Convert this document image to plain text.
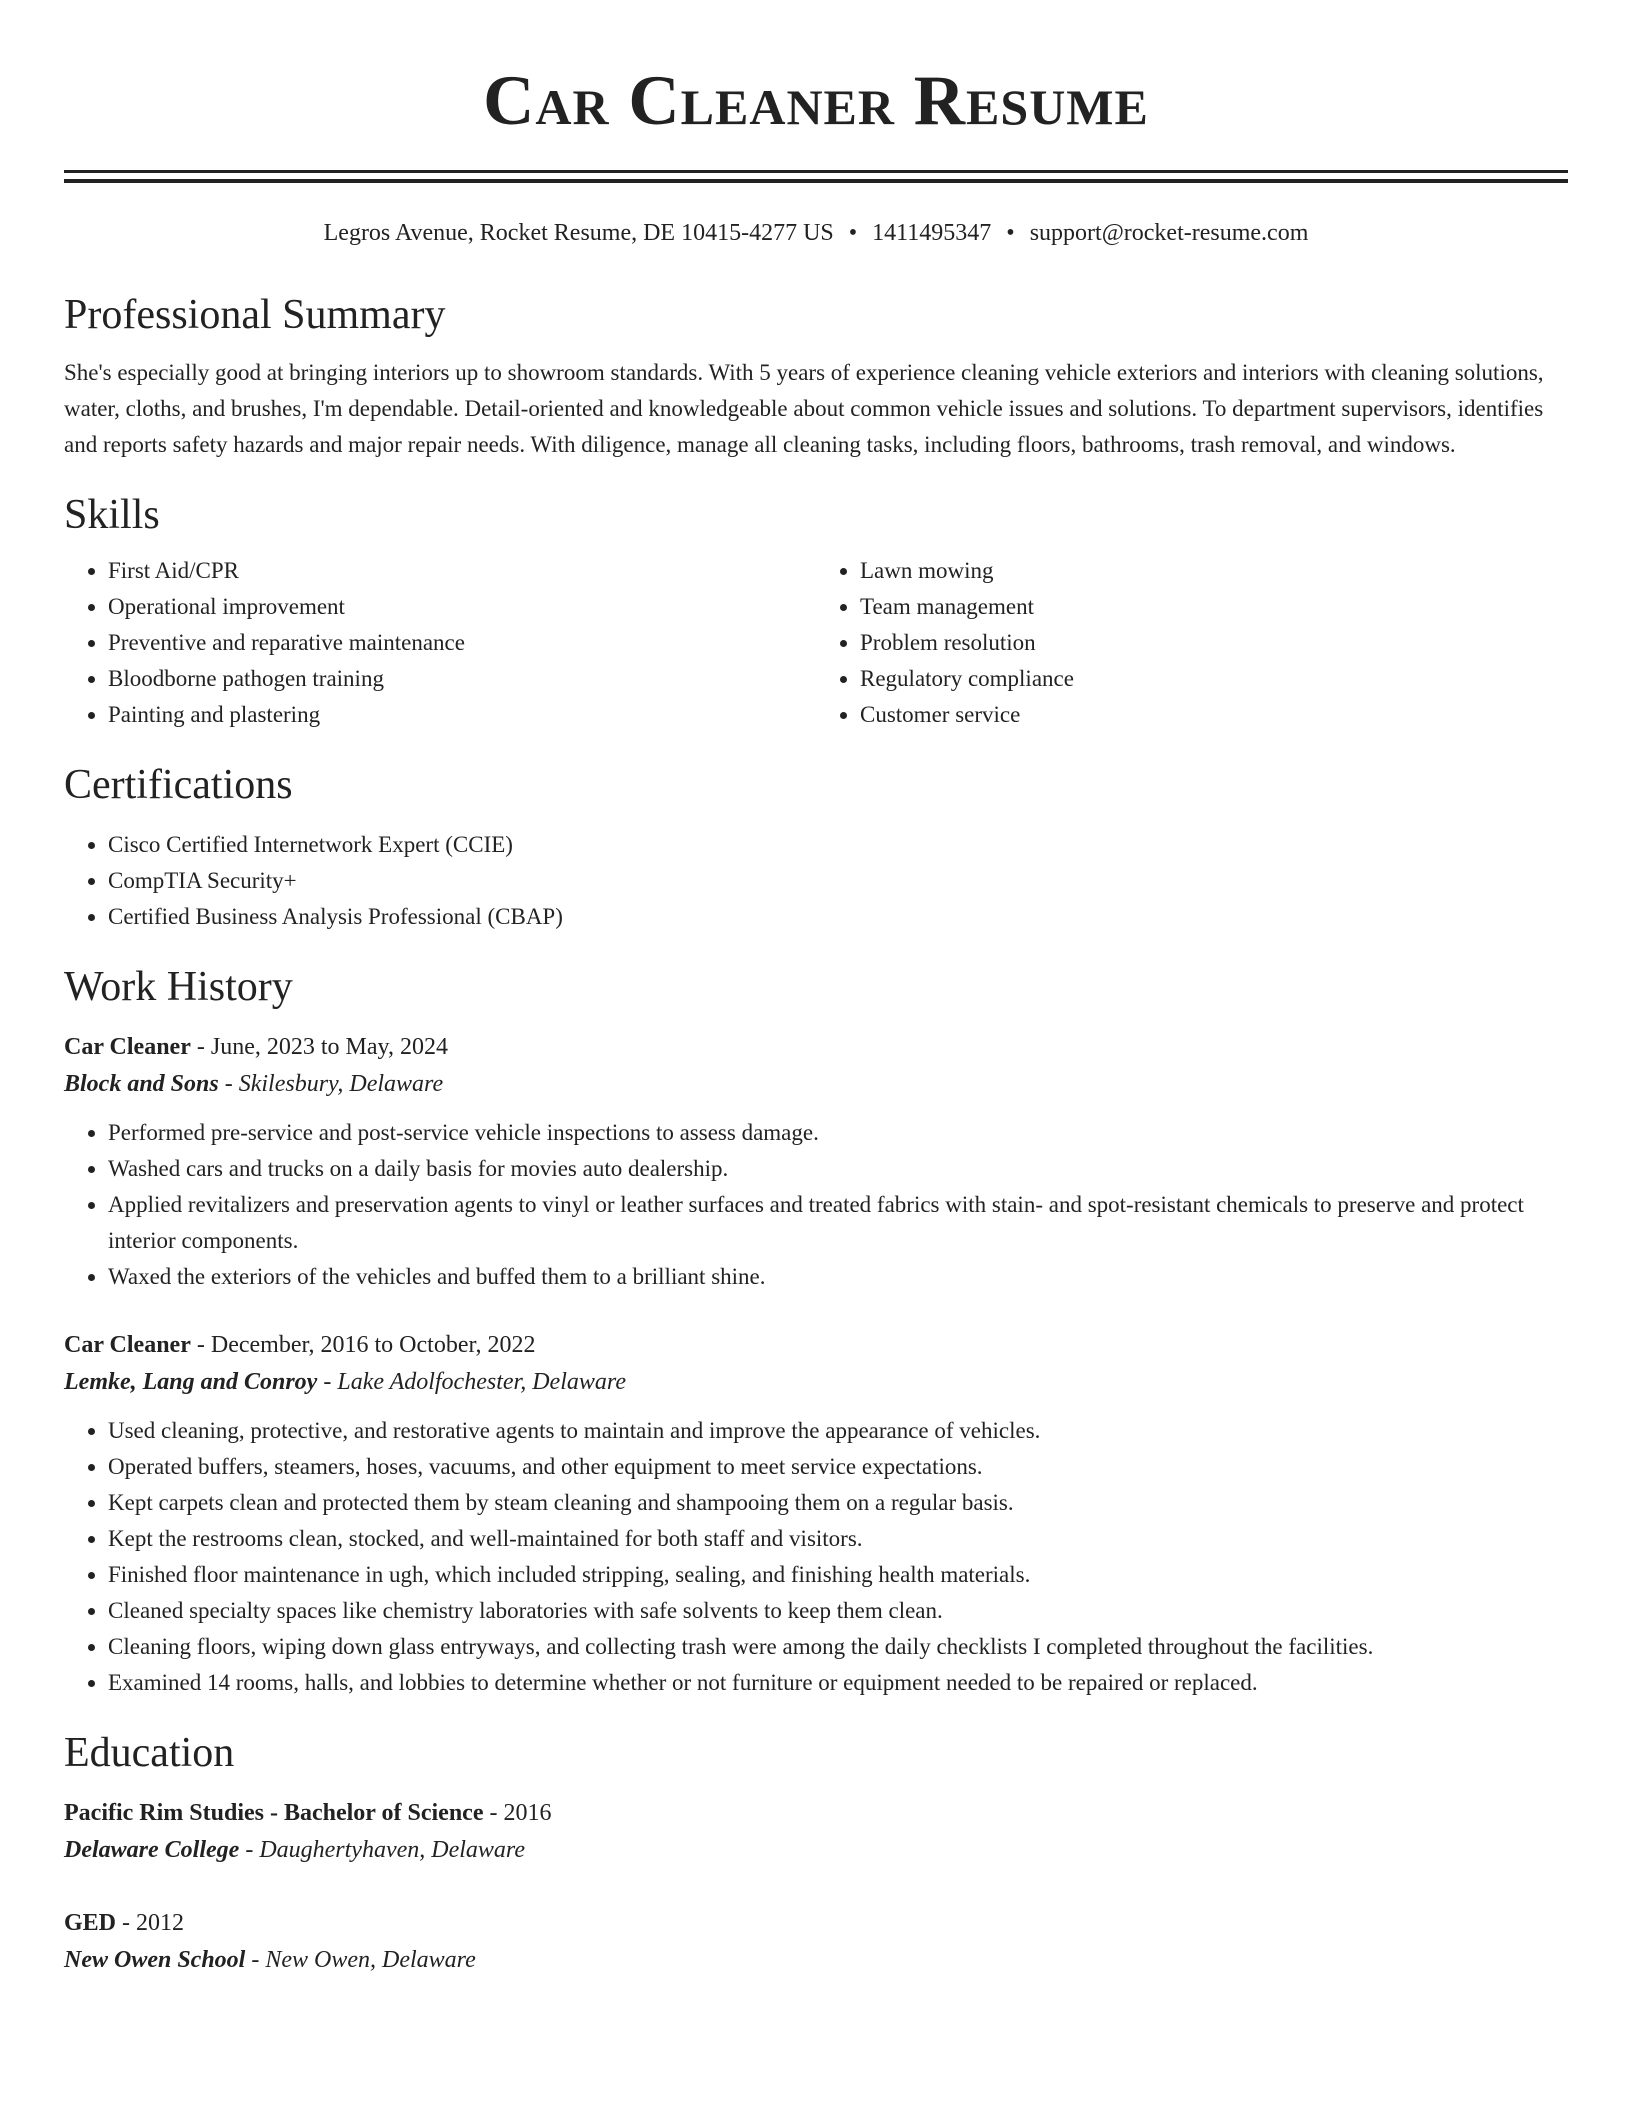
Car Cleaner Resume
Legros Avenue, Rocket Resume, DE 10415-4277 US • 1411495347 • support@rocket-resume.com
Professional Summary

She's especially good at bringing interiors up to showroom standards. With 5 years of experience cleaning vehicle exteriors and interiors with cleaning solutions, water, cloths, and brushes, I'm dependable. Detail-oriented and knowledgeable about common vehicle issues and solutions. To department supervisors, identifies and reports safety hazards and major repair needs. With diligence, manage all cleaning tasks, including floors, bathrooms, trash removal, and windows.

Skills
• First Aid/CPR
• Operational improvement
• Preventive and reparative maintenance
• Bloodborne pathogen training
• Painting and plastering
• Lawn mowing
• Team management
• Problem resolution
• Regulatory compliance
• Customer service
Certifications
• Cisco Certified Internetwork Expert (CCIE)
• CompTIA Security+
• Certified Business Analysis Professional (CBAP)
Work History
Car Cleaner - June, 2023 to May, 2024
Block and Sons - Skilesbury, Delaware
• Performed pre-service and post-service vehicle inspections to assess damage.
• Washed cars and trucks on a daily basis for movies auto dealership.
• Applied revitalizers and preservation agents to vinyl or leather surfaces and treated fabrics with stain- and spot-resistant chemicals to preserve and protect interior components.
• Waxed the exteriors of the vehicles and buffed them to a brilliant shine.
Car Cleaner - December, 2016 to October, 2022
Lemke, Lang and Conroy - Lake Adolfochester, Delaware
• Used cleaning, protective, and restorative agents to maintain and improve the appearance of vehicles.
• Operated buffers, steamers, hoses, vacuums, and other equipment to meet service expectations.
• Kept carpets clean and protected them by steam cleaning and shampooing them on a regular basis.
• Kept the restrooms clean, stocked, and well-maintained for both staff and visitors.
• Finished floor maintenance in ugh, which included stripping, sealing, and finishing health materials.
• Cleaned specialty spaces like chemistry laboratories with safe solvents to keep them clean.
• Cleaning floors, wiping down glass entryways, and collecting trash were among the daily checklists I completed throughout the facilities.
• Examined 14 rooms, halls, and lobbies to determine whether or not furniture or equipment needed to be repaired or replaced.
Education
Pacific Rim Studies - Bachelor of Science - 2016
Delaware College - Daughertyhaven, Delaware
GED - 2012
New Owen School - New Owen, Delaware
